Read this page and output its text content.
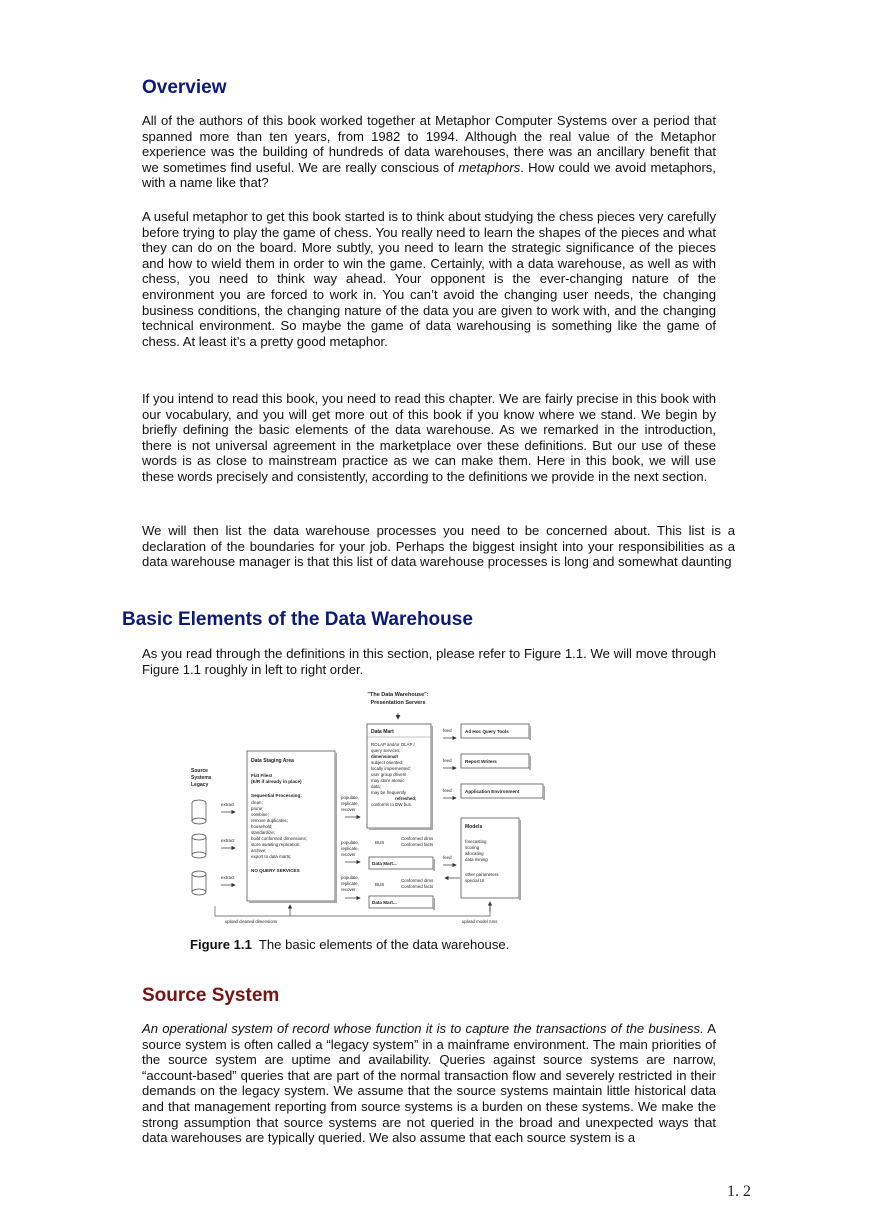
Overview

All of the authors of this book worked together at Metaphor Computer Systems over a period that spanned more than ten years, from 1982 to 1994. Although the real value of the Metaphor experience was the building of hundreds of data warehouses, there was an ancillary benefit that we sometimes find useful. We are really conscious of metaphors. How could we avoid metaphors, with a name like that?

A useful metaphor to get this book started is to think about studying the chess pieces very carefully before trying to play the game of chess. You really need to learn the shapes of the pieces and what they can do on the board. More subtly, you need to learn the strategic significance of the pieces and how to wield them in order to win the game. Certainly, with a data warehouse, as well as with chess, you need to think way ahead. Your opponent is the ever-changing nature of the environment you are forced to work in. You can’t avoid the changing user needs, the changing business conditions, the changing nature of the data you are given to work with, and the changing technical environment. So maybe the game of data warehousing is something like the game of chess. At least it’s a pretty good metaphor.

If you intend to read this book, you need to read this chapter. We are fairly precise in this book with our vocabulary, and you will get more out of this book if you know where we stand. We begin by briefly defining the basic elements of the data warehouse. As we remarked in the introduction, there is not universal agreement in the marketplace over these definitions. But our use of these words is as close to mainstream practice as we can make them. Here in this book, we will use these words precisely and consistently, according to the definitions we provide in the next section.

We will then list the data warehouse processes you need to be concerned about. This list is a declaration of the boundaries for your job. Perhaps the biggest insight into your responsibilities as a data warehouse manager is that this list of data warehouse processes is long and somewhat daunting

Basic Elements of the Data Warehouse

As you read through the definitions in this section, please refer to Figure 1.1. We will move through Figure 1.1 roughly in left to right order.

"The Data Warehouse":
Presentation Servers
Source
Systems
Legacy
extract
extract
extract
Data Staging Area
Flat Files!
(E/R if already in place)
Sequential Processing:
clean;
prune;
combine;
remove duplicates;
household;
standardize;
build conformed dimensions;
store awaiting replication;
archive;
export to data marts;
NO QUERY SERVICES
populate,
replicate,
recover
populate,
replicate,
recover
populate,
replicate,
recover
Data Mart
ROLAP and/or OLAP /
query services;
dimensional!
subject oriented;
locally implemented;
user group driven!
may store atomic
data;
may be frequently
refreshed;
conforms to DW bus.
BUS
Conformed dims
Conformed facts
Data Mart...
BUS
Conformed dims
Conformed facts
Data Mart...
feed	Ad Hoc Query Tools
feed	Report Writers
feed	Application Environment
feed
Models
forecasting
scoring
allocating
data mining
other parameters
special UI
upload cleaned dimensions	upload model runs
Figure 1.1 The basic elements of the data warehouse.
Source System

An operational system of record whose function it is to capture the transactions of the business. A source system is often called a “legacy system” in a mainframe environment. The main priorities of the source system are uptime and availability. Queries against source systems are narrow, “account-based” queries that are part of the normal transaction flow and severely restricted in their demands on the legacy system. We assume that the source systems maintain little historical data and that management reporting from source systems is a burden on these systems. We make the strong assumption that source systems are not queried in the broad and unexpected ways that data warehouses are typically queried. We also assume that each source system is a

1. 2
